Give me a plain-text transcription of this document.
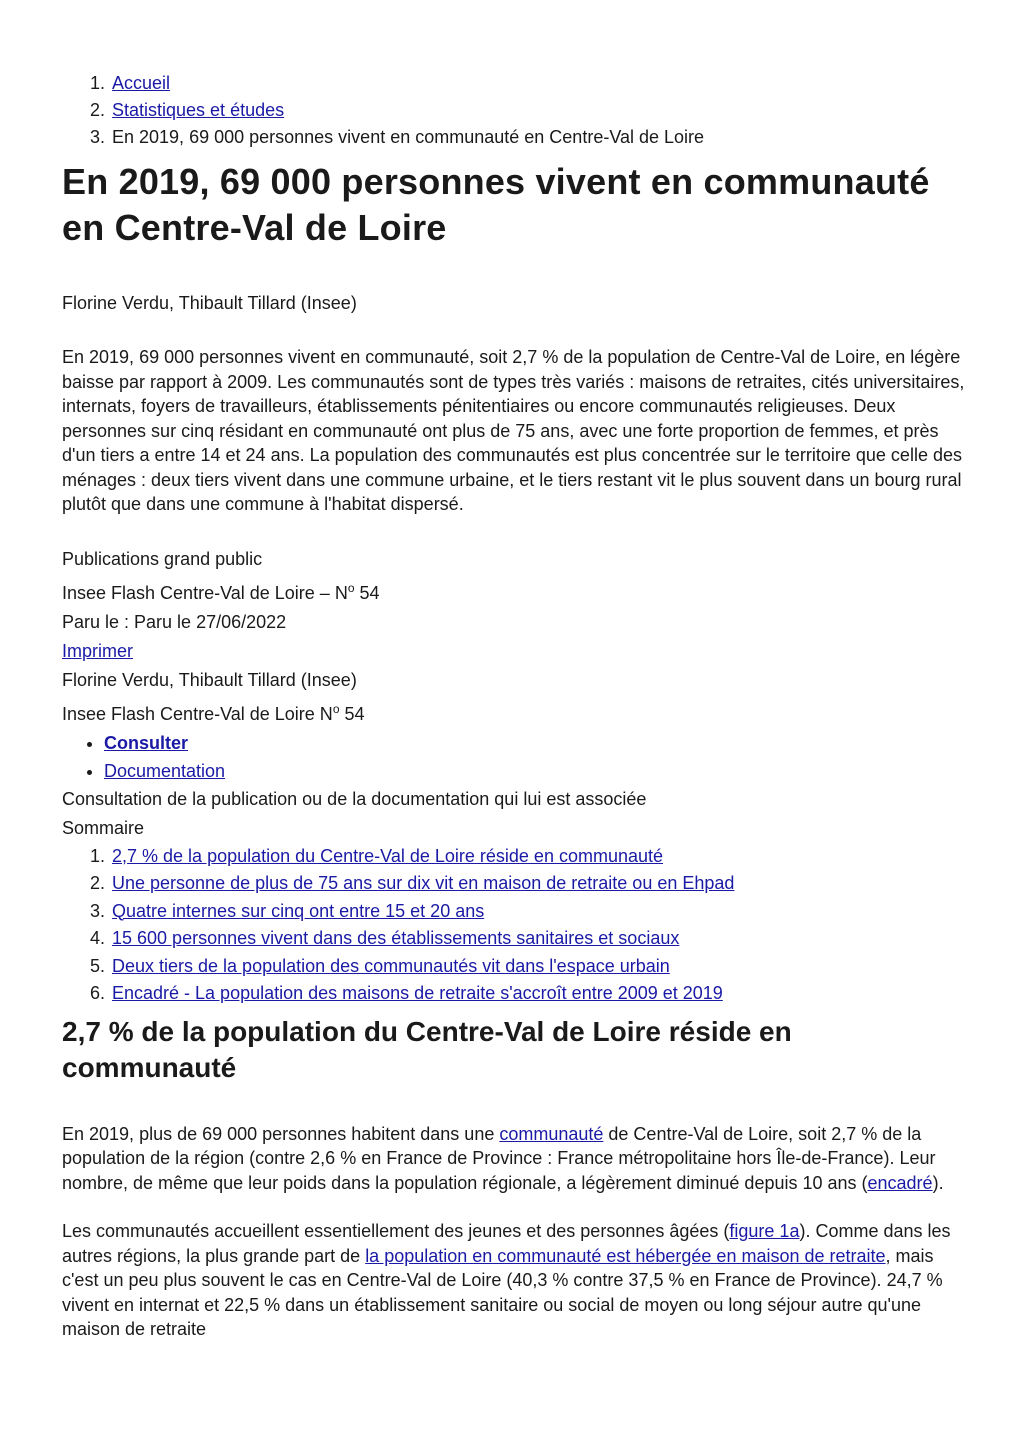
1. Accueil
2. Statistiques et études
3. En 2019, 69 000 personnes vivent en communauté en Centre-Val de Loire
En 2019, 69 000 personnes vivent en communauté en Centre-Val de Loire
Florine Verdu, Thibault Tillard (Insee)

En 2019, 69 000 personnes vivent en communauté, soit 2,7 % de la population de Centre-Val de Loire, en légère baisse par rapport à 2009. Les communautés sont de types très variés : maisons de retraites, cités universitaires, internats, foyers de travailleurs, établissements pénitentiaires ou encore communautés religieuses. Deux personnes sur cinq résidant en communauté ont plus de 75 ans, avec une forte proportion de femmes, et près d'un tiers a entre 14 et 24 ans. La population des communautés est plus concentrée sur le territoire que celle des ménages : deux tiers vivent dans une commune urbaine, et le tiers restant vit le plus souvent dans un bourg rural plutôt que dans une commune à l'habitat dispersé.

Publications grand public
Insee Flash Centre-Val de Loire – $N^o$ 54
Paru le : Paru le 27/06/2022
Imprimer
Florine Verdu, Thibault Tillard (Insee)
Insee Flash Centre-Val de Loire $N^o$ 54
• Consulter
• Documentation
Consultation de la publication ou de la documentation qui lui est associée
Sommaire
1. 2,7 % de la population du Centre-Val de Loire réside en communauté
2. Une personne de plus de 75 ans sur dix vit en maison de retraite ou en Ehpad
3. Quatre internes sur cinq ont entre 15 et 20 ans
4. 15 600 personnes vivent dans des établissements sanitaires et sociaux
5. Deux tiers de la population des communautés vit dans l'espace urbain
6. Encadré - La population des maisons de retraite s'accroît entre 2009 et 2019
2,7 % de la population du Centre-Val de Loire réside en communauté

En 2019, plus de 69 000 personnes habitent dans une communauté de Centre-Val de Loire, soit 2,7 % de la population de la région (contre 2,6 % en France de Province : France métropolitaine hors Île-de-France). Leur nombre, de même que leur poids dans la population régionale, a légèrement diminué depuis 10 ans (encadré).

Les communautés accueillent essentiellement des jeunes et des personnes âgées (figure 1a). Comme dans les autres régions, la plus grande part de la population en communauté est hébergée en maison de retraite, mais c'est un peu plus souvent le cas en Centre-Val de Loire (40,3 % contre 37,5 % en France de Province). 24,7 % vivent en internat et 22,5 % dans un établissement sanitaire ou social de moyen ou long séjour autre qu'une maison de retraite
